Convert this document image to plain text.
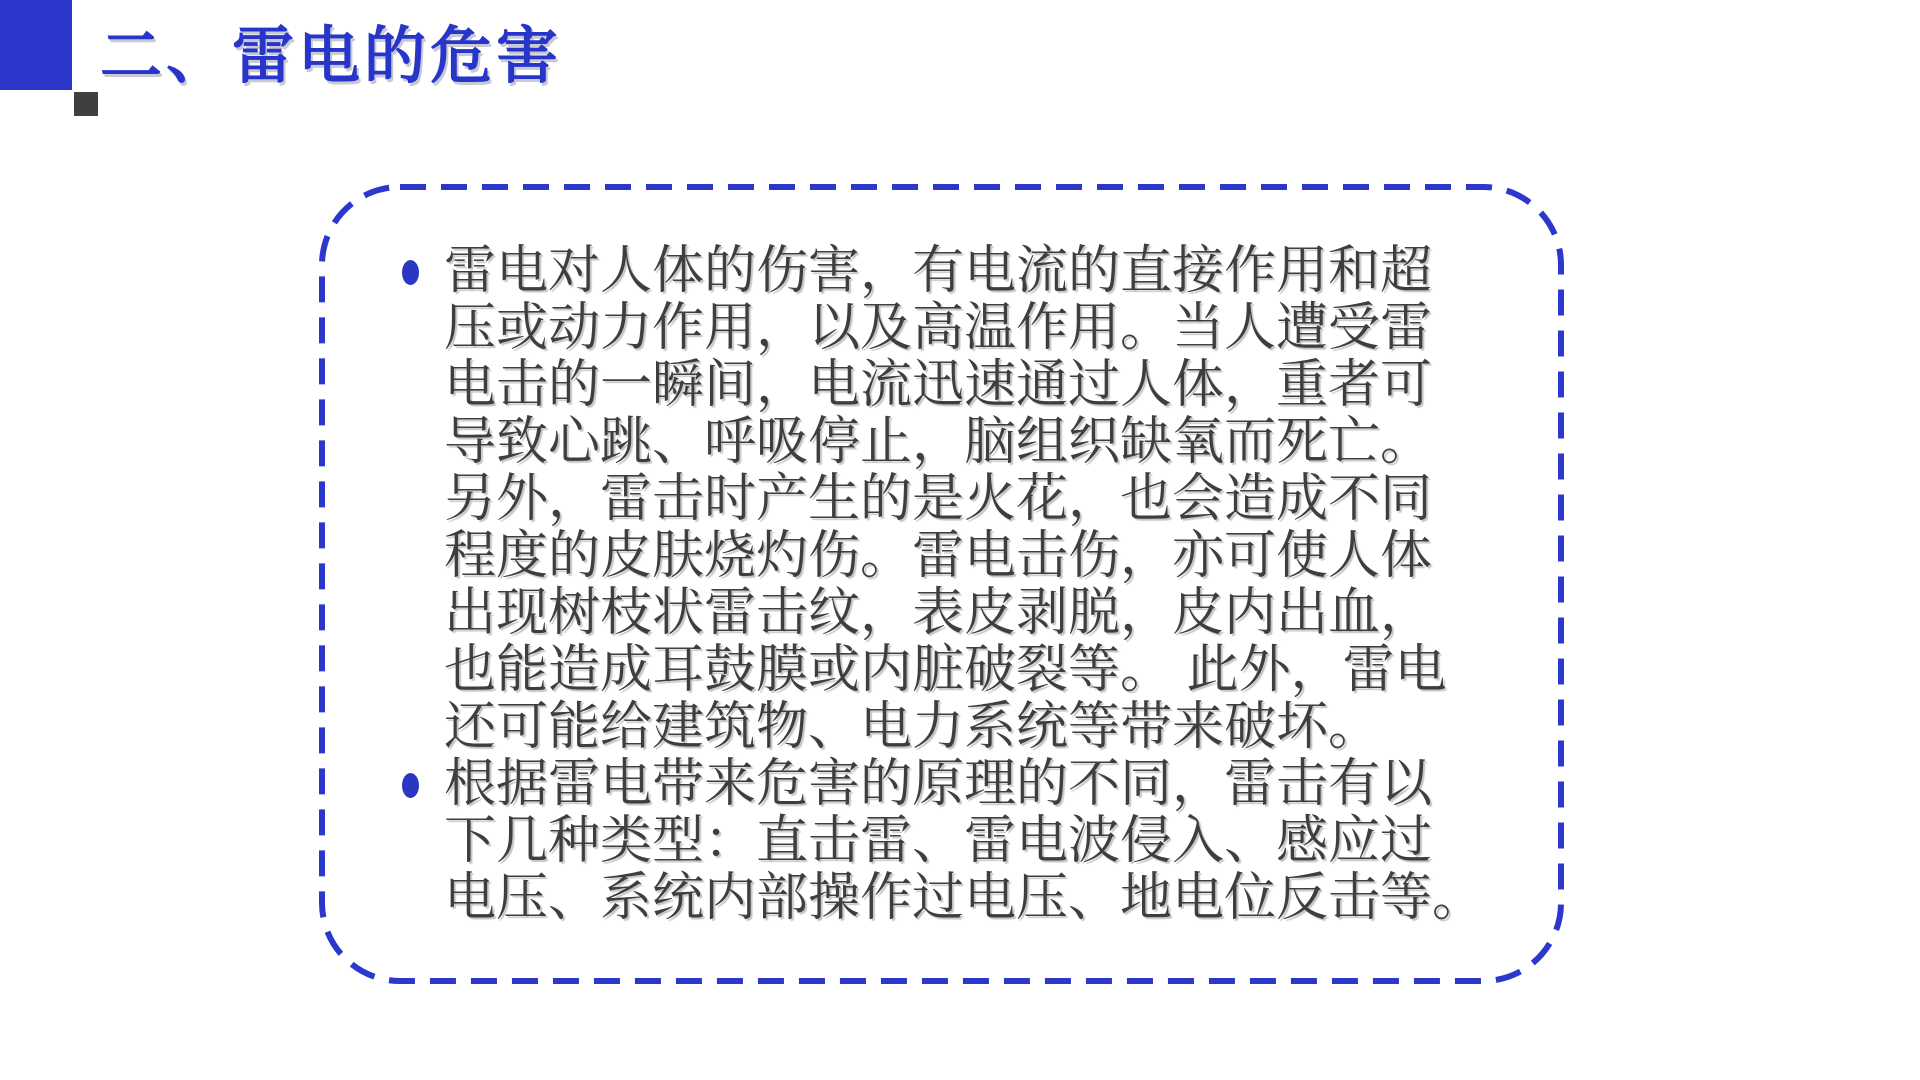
二、雷电的危害
雷电对人体的伤害，有电流的直接作用和超
压或动力作用，以及高温作用。当人遭受雷
电击的一瞬间，电流迅速通过人体，重者可
导致心跳、呼吸停止，脑组织缺氧而死亡。
另外，雷击时产生的是火花，也会造成不同
程度的皮肤烧灼伤。雷电击伤，亦可使人体
出现树枝状雷击纹，表皮剥脱，皮内出血，
也能造成耳鼓膜或内脏破裂等。 此外，雷电
还可能给建筑物、电力系统等带来破坏。
根据雷电带来危害的原理的不同，雷击有以
下几种类型：直击雷、雷电波侵入、感应过
电压、系统内部操作过电压、地电位反击等。
